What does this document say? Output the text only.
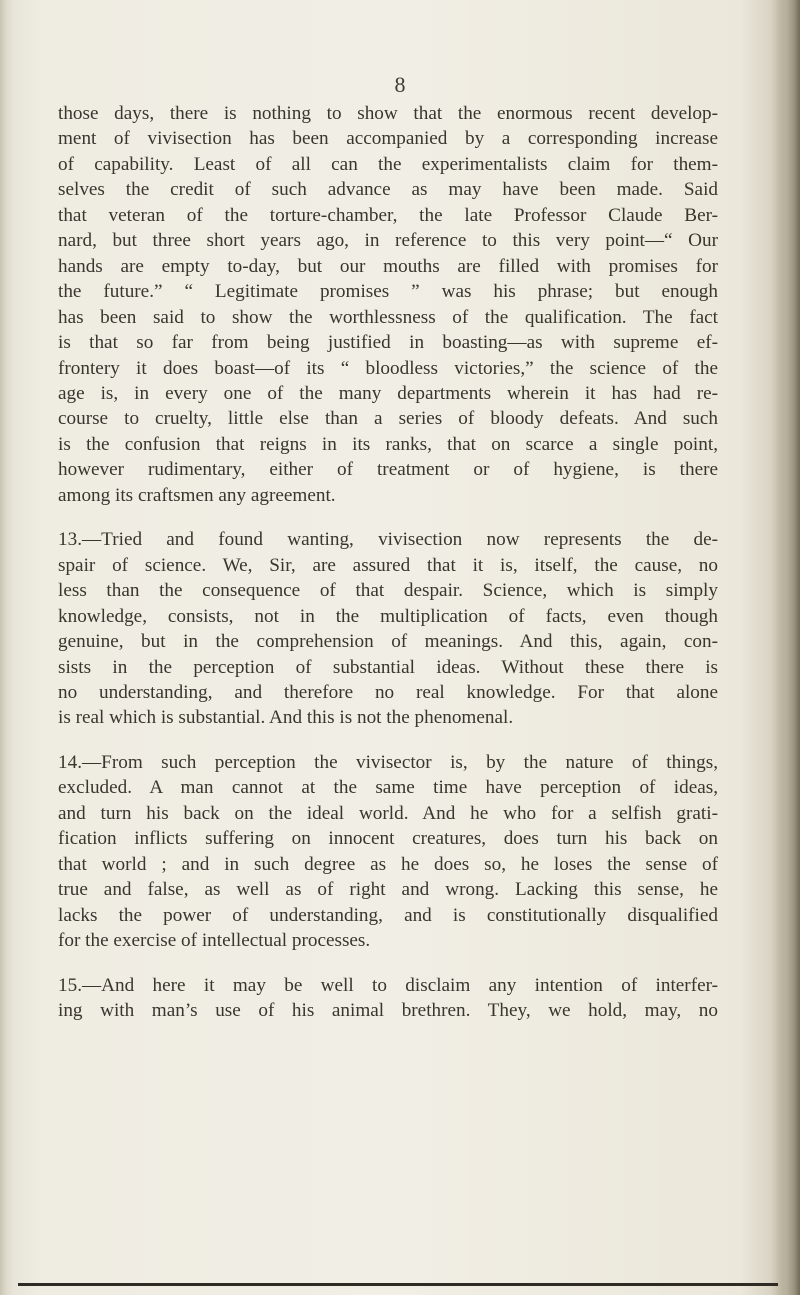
8

those days, there is nothing to show that the enormous recent develop-
ment of vivisection has been accompanied by a corresponding increase
of capability. Least of all can the experimentalists claim for them-
selves the credit of such advance as may have been made. Said
that veteran of the torture-chamber, the late Professor Claude Ber-
nard, but three short years ago, in reference to this very point—“ Our
hands are empty to-day, but our mouths are filled with promises for
the future.” “ Legitimate promises ” was his phrase; but enough
has been said to show the worthlessness of the qualification. The fact
is that so far from being justified in boasting—as with supreme ef-
frontery it does boast—of its “ bloodless victories,” the science of the
age is, in every one of the many departments wherein it has had re-
course to cruelty, little else than a series of bloody defeats. And such
is the confusion that reigns in its ranks, that on scarce a single point,
however rudimentary, either of treatment or of hygiene, is there
among its craftsmen any agreement.

13.—Tried and found wanting, vivisection now represents the de-
spair of science. We, Sir, are assured that it is, itself, the cause, no
less than the consequence of that despair. Science, which is simply
knowledge, consists, not in the multiplication of facts, even though
genuine, but in the comprehension of meanings. And this, again, con-
sists in the perception of substantial ideas. Without these there is
no understanding, and therefore no real knowledge. For that alone
is real which is substantial. And this is not the phenomenal.

14.—From such perception the vivisector is, by the nature of things,
excluded. A man cannot at the same time have perception of ideas,
and turn his back on the ideal world. And he who for a selfish grati-
fication inflicts suffering on innocent creatures, does turn his back on
that world ; and in such degree as he does so, he loses the sense of
true and false, as well as of right and wrong. Lacking this sense, he
lacks the power of understanding, and is constitutionally disqualified
for the exercise of intellectual processes.

15.—And here it may be well to disclaim any intention of interfer-
ing with man’s use of his animal brethren. They, we hold, may, no
